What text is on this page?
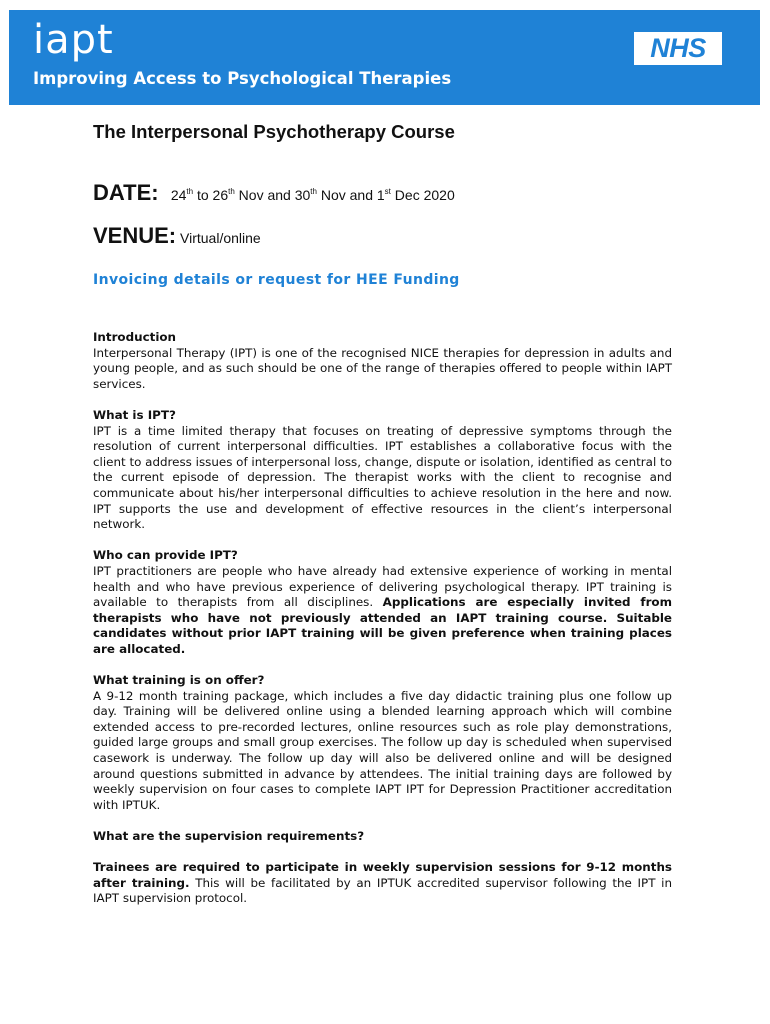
iapt
Improving Access to Psychological Therapies
NHS
The Interpersonal Psychotherapy Course
DATE: 24th to 26th Nov and 30th Nov and 1st Dec 2020
VENUE: Virtual/online
Invoicing details or request for HEE Funding
Introduction

Interpersonal Therapy (IPT) is one of the recognised NICE therapies for depression in adults and young people, and as such should be one of the range of therapies offered to people within IAPT services.

What is IPT?

IPT is a time limited therapy that focuses on treating of depressive symptoms through the resolution of current interpersonal difficulties. IPT establishes a collaborative focus with the client to address issues of interpersonal loss, change, dispute or isolation, identified as central to the current episode of depression. The therapist works with the client to recognise and communicate about his/her interpersonal difficulties to achieve resolution in the here and now. IPT supports the use and development of effective resources in the client’s interpersonal network.

Who can provide IPT?

IPT practitioners are people who have already had extensive experience of working in mental health and who have previous experience of delivering psychological therapy. IPT training is available to therapists from all disciplines. Applications are especially invited from therapists who have not previously attended an IAPT training course. Suitable candidates without prior IAPT training will be given preference when training places are allocated.

What training is on offer?

A 9-12 month training package, which includes a five day didactic training plus one follow up day. Training will be delivered online using a blended learning approach which will combine extended access to pre-recorded lectures, online resources such as role play demonstrations, guided large groups and small group exercises. The follow up day is scheduled when supervised casework is underway. The follow up day will also be delivered online and will be designed around questions submitted in advance by attendees. The initial training days are followed by weekly supervision on four cases to complete IAPT IPT for Depression Practitioner accreditation with IPTUK.

What are the supervision requirements?

Trainees are required to participate in weekly supervision sessions for 9-12 months after training. This will be facilitated by an IPTUK accredited supervisor following the IPT in IAPT supervision protocol.
